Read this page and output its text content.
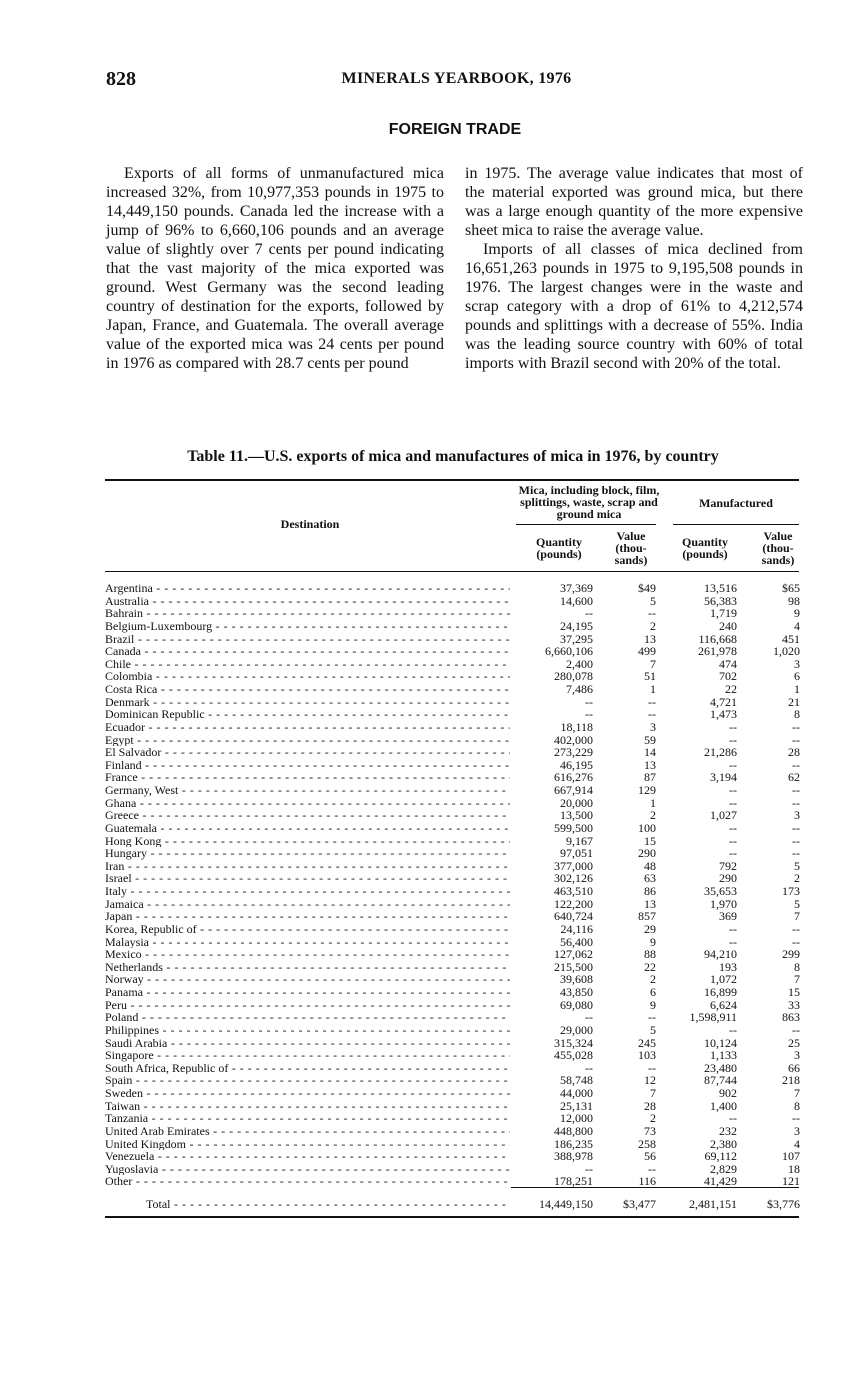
828	MINERALS YEARBOOK, 1976
FOREIGN TRADE

Exports of all forms of unmanufactured mica increased 32%, from 10,977,353 pounds in 1975 to 14,449,150 pounds. Canada led the increase with a jump of 96% to 6,660,106 pounds and an average value of slightly over 7 cents per pound indicating that the vast majority of the mica exported was ground. West Germany was the second leading country of destination for the exports, followed by Japan, France, and Guatemala. The overall average value of the exported mica was 24 cents per pound in 1976 as compared with 28.7 cents per pound

in 1975. The average value indicates that most of the material exported was ground mica, but there was a large enough quantity of the more expensive sheet mica to raise the average value.

Imports of all classes of mica declined from 16,651,263 pounds in 1975 to 9,195,508 pounds in 1976. The largest changes were in the waste and scrap category with a drop of 61% to 4,212,574 pounds and splittings with a decrease of 55%. India was the leading source country with 60% of total imports with Brazil second with 20% of the total.

Table 11.—U.S. exports of mica and manufactures of mica in 1976, by country
Destination
Mica, including block, film, splittings, waste, scrap and ground mica
Manufactured
Quantity (pounds)
Value (thou- sands)
Quantity (pounds)
Value (thou- sands)
Argentina - - -	37,369	$49	13,516	$65
Australia - - -	14,600	5	56,383	98
Bahrain - - -	--	--	1,719	9
Belgium-Luxembourg - - -	24,195	2	240	4
Brazil - - -	37,295	13	116,668	451
Canada - - -	6,660,106	499	261,978	1,020
Chile - - -	2,400	7	474	3
Colombia - - -	280,078	51	702	6
Costa Rica - - -	7,486	1	22	1
Denmark - - -	--	--	4,721	21
Dominican Republic - - -	--	--	1,473	8
Ecuador - - -	18,118	3	--	--
Egypt - - -	402,000	59	--	--
El Salvador - - -	273,229	14	21,286	28
Finland - - -	46,195	13	--	--
France - - -	616,276	87	3,194	62
Germany, West - - -	667,914	129	--	--
Ghana - - -	20,000	1	--	--
Greece - - -	13,500	2	1,027	3
Guatemala - - -	599,500	100	--	--
Hong Kong - - -	9,167	15	--	--
Hungary - - -	97,051	290	--	--
Iran - - -	377,000	48	792	5
Israel - - -	302,126	63	290	2
Italy - - -	463,510	86	35,653	173
Jamaica - - -	122,200	13	1,970	5
Japan - - -	640,724	857	369	7
Korea, Republic of - - -	24,116	29	--	--
Malaysia - - -	56,400	9	--	--
Mexico - - -	127,062	88	94,210	299
Netherlands - - -	215,500	22	193	8
Norway - - -	39,608	2	1,072	7
Panama - - -	43,850	6	16,899	15
Peru - - -	69,080	9	6,624	33
Poland - - -	--	--	1,598,911	863
Philippines - - -	29,000	5	--	--
Saudi Arabia - - -	315,324	245	10,124	25
Singapore - - -	455,028	103	1,133	3
South Africa, Republic of - - -	--	--	23,480	66
Spain - - -	58,748	12	87,744	218
Sweden - - -	44,000	7	902	7
Taiwan - - -	25,131	28	1,400	8
Tanzania - - -	12,000	2	--	--
United Arab Emirates - - -	448,800	73	232	3
United Kingdom - - -	186,235	258	2,380	4
Venezuela - - -	388,978	56	69,112	107
Yugoslavia - - -	--	--	2,829	18
Other - - -	178,251	116	41,429	121
Total - - -	14,449,150	$3,477	2,481,151	$3,776
